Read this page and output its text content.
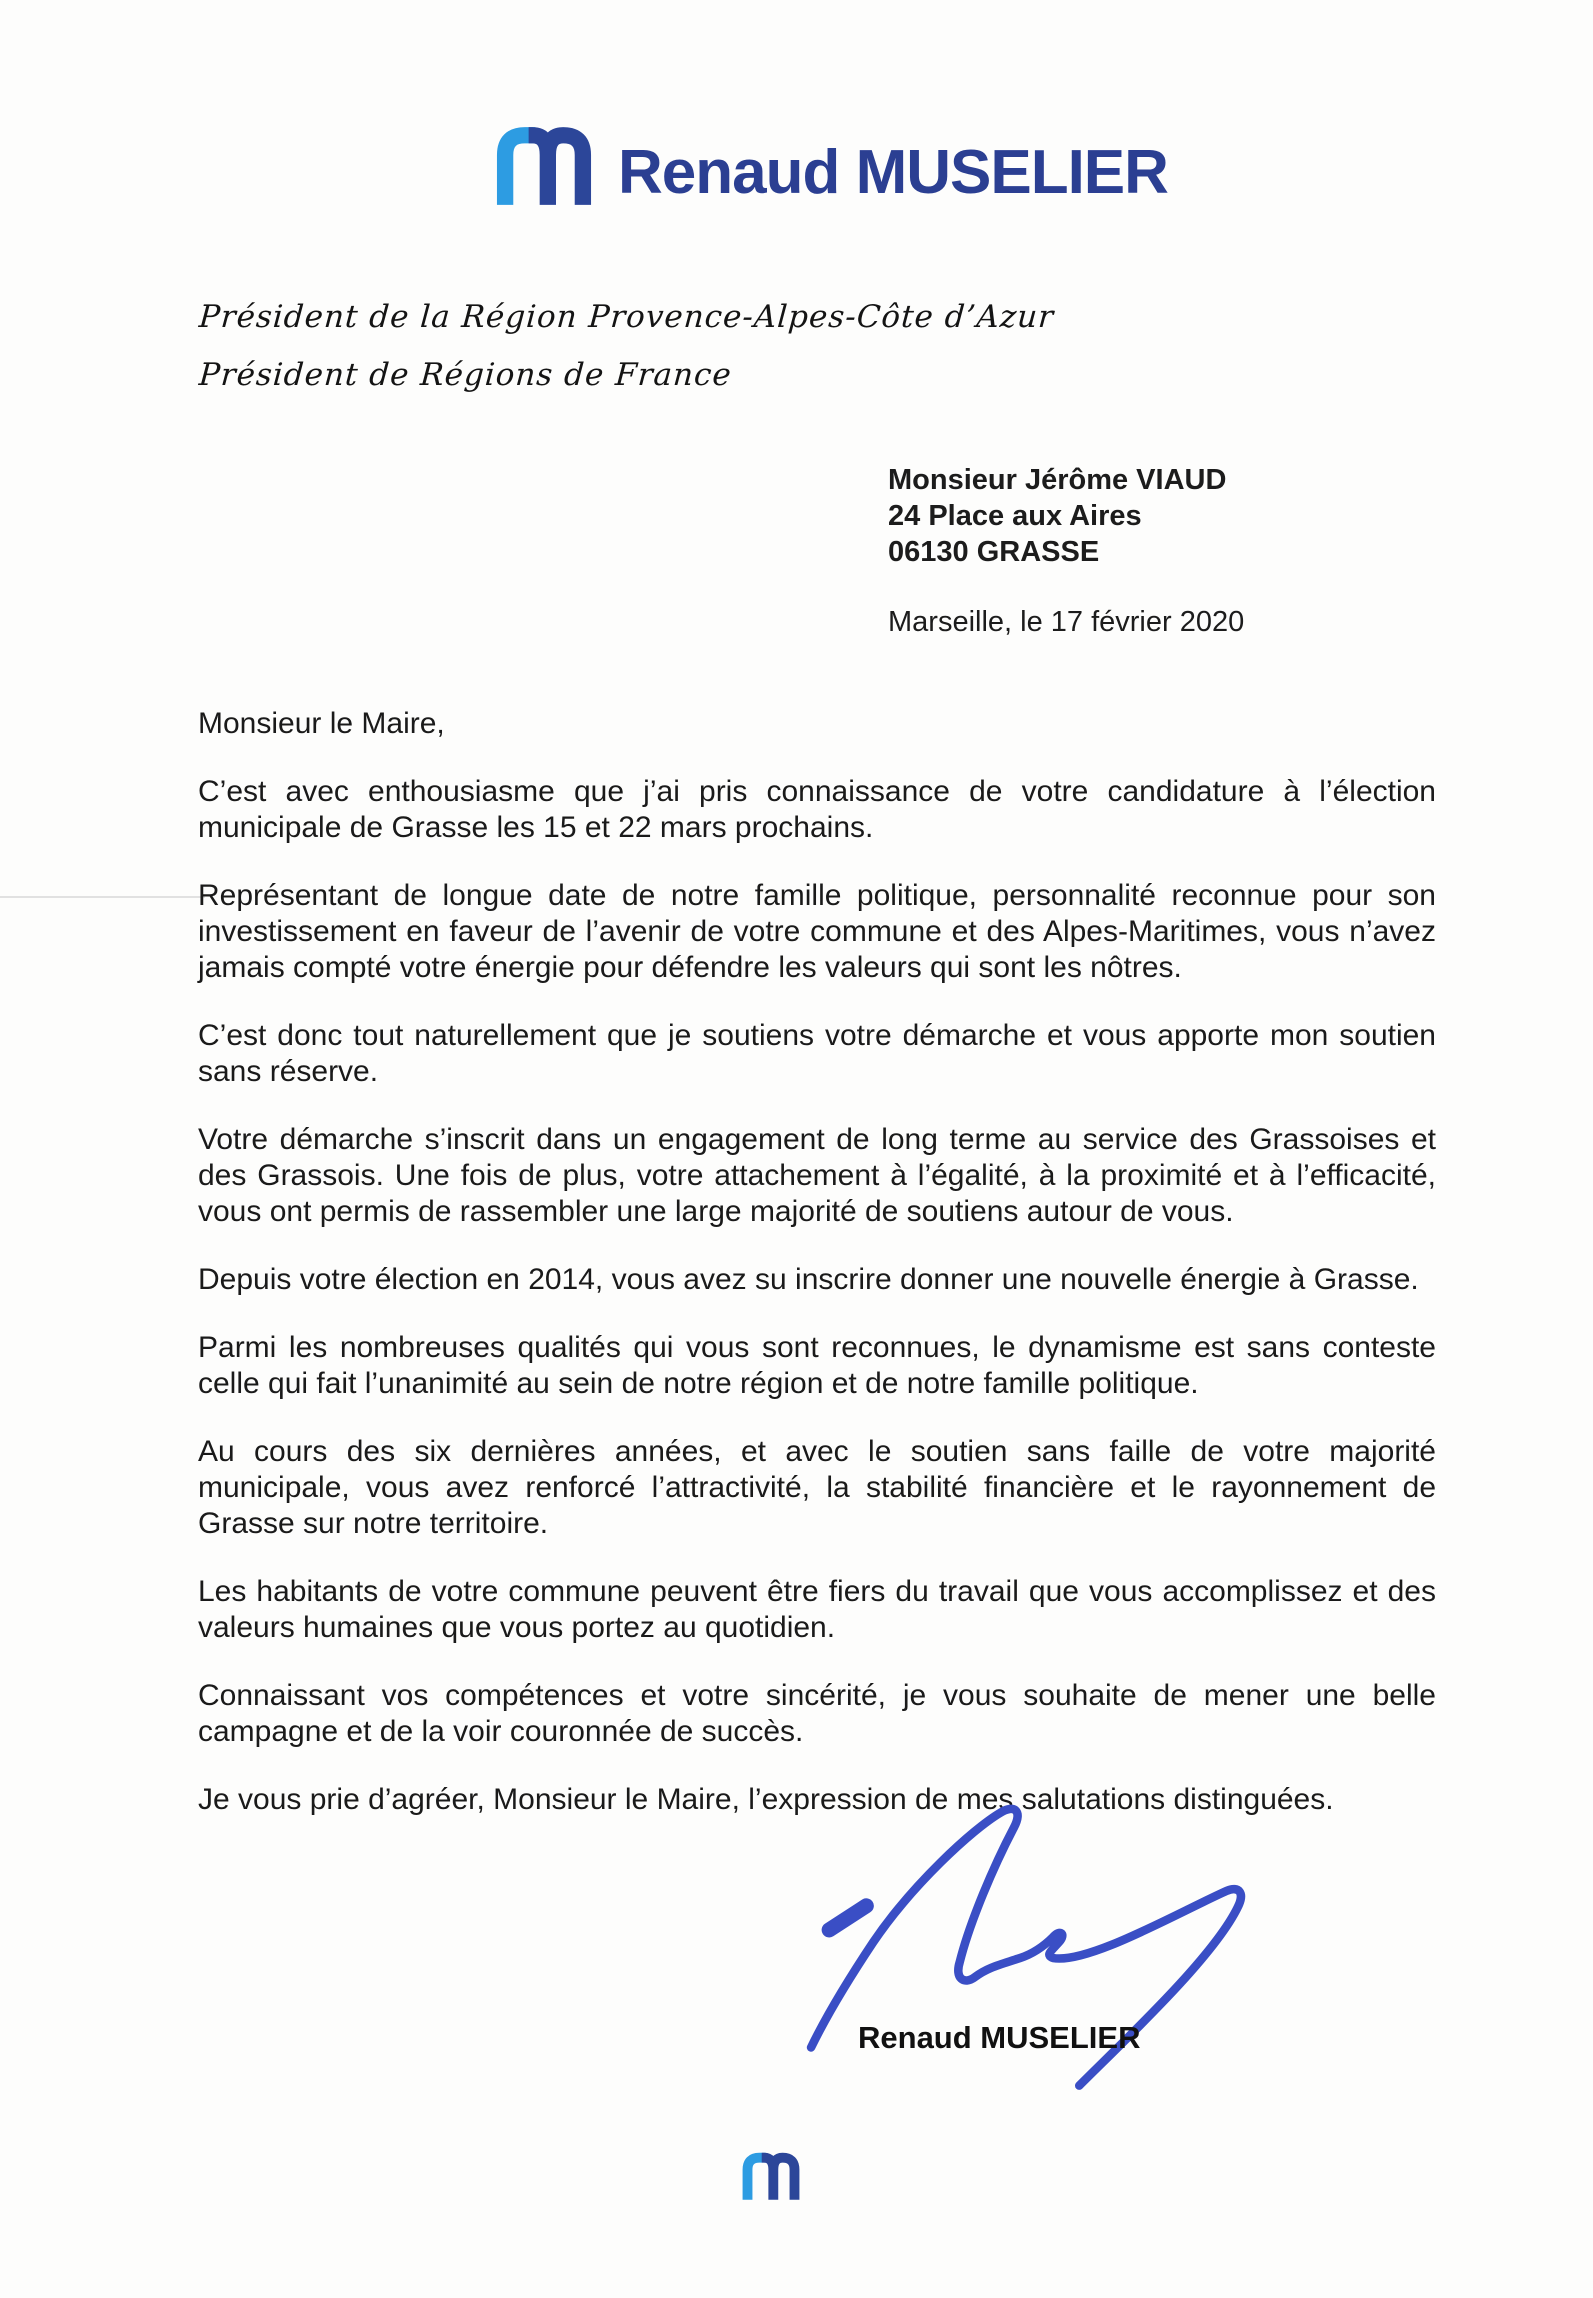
Renaud MUSELIER
Président de la Région Provence-Alpes-Côte d’Azur
Président de Régions de France
Monsieur Jérôme VIAUD
24 Place aux Aires
06130 GRASSE
Marseille, le 17 février 2020

Monsieur le Maire,

C’est avec enthousiasme que j’ai pris connaissance de votre candidature à l’élection municipale de Grasse les 15 et 22 mars prochains.

Représentant de longue date de notre famille politique, personnalité reconnue pour son investissement en faveur de l’avenir de votre commune et des Alpes-Maritimes, vous n’avez jamais compté votre énergie pour défendre les valeurs qui sont les nôtres.

C’est donc tout naturellement que je soutiens votre démarche et vous apporte mon soutien sans réserve.

Votre démarche s’inscrit dans un engagement de long terme au service des Grassoises et des Grassois. Une fois de plus, votre attachement à l’égalité, à la proximité et à l’efficacité, vous ont permis de rassembler une large majorité de soutiens autour de vous.

Depuis votre élection en 2014, vous avez su inscrire donner une nouvelle énergie à Grasse.

Parmi les nombreuses qualités qui vous sont reconnues, le dynamisme est sans conteste celle qui fait l’unanimité au sein de notre région et de notre famille politique.

Au cours des six dernières années, et avec le soutien sans faille de votre majorité municipale, vous avez renforcé l’attractivité, la stabilité financière et le rayonnement de Grasse sur notre territoire.

Les habitants de votre commune peuvent être fiers du travail que vous accomplissez et des valeurs humaines que vous portez au quotidien.

Connaissant vos compétences et votre sincérité, je vous souhaite de mener une belle campagne et de la voir couronnée de succès.

Je vous prie d’agréer, Monsieur le Maire, l’expression de mes salutations distinguées.

Renaud MUSELIER
